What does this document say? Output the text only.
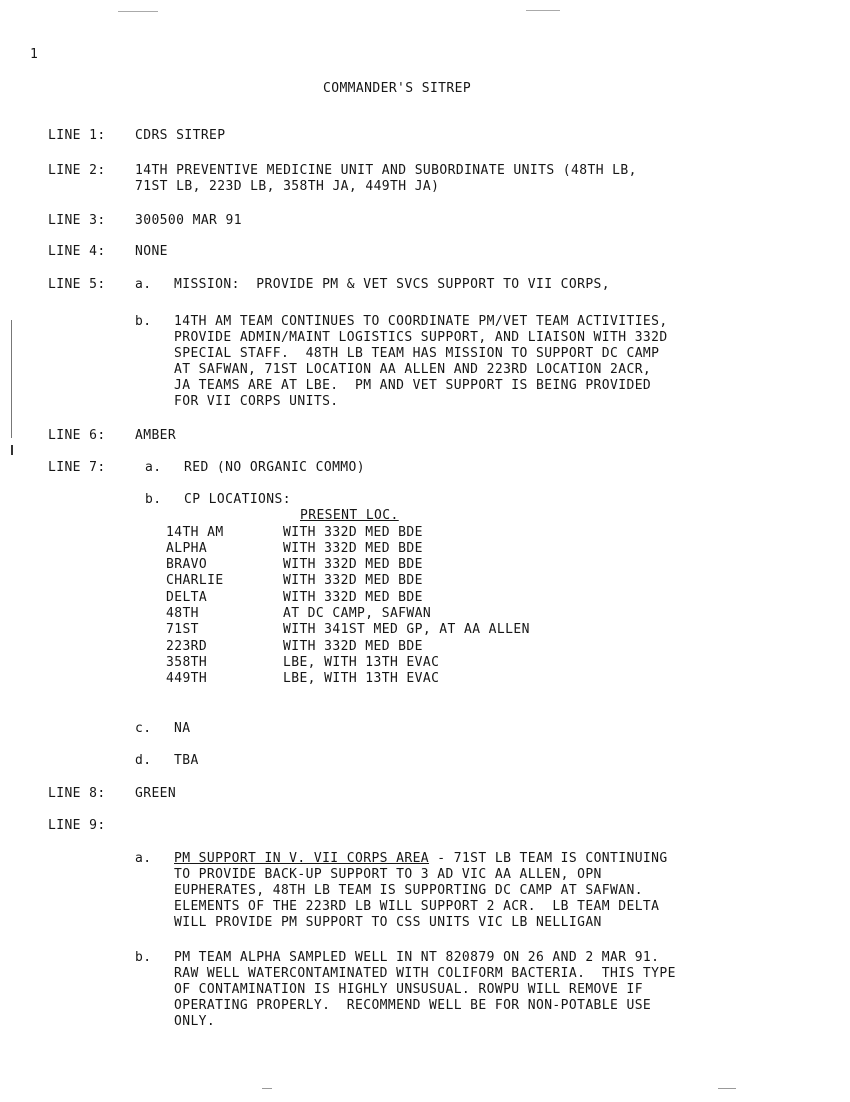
1
COMMANDER'S SITREP
LINE 1: CDRS SITREP
LINE 2: 14TH PREVENTIVE MEDICINE UNIT AND SUBORDINATE UNITS (48TH LB,
71ST LB, 223D LB, 358TH JA, 449TH JA)
LINE 3: 300500 MAR 91
LINE 4: NONE
LINE 5: a. MISSION:  PROVIDE PM & VET SVCS SUPPORT TO VII CORPS,
b. 14TH AM TEAM CONTINUES TO COORDINATE PM/VET TEAM ACTIVITIES,
PROVIDE ADMIN/MAINT LOGISTICS SUPPORT, AND LIAISON WITH 332D
SPECIAL STAFF.  48TH LB TEAM HAS MISSION TO SUPPORT DC CAMP
AT SAFWAN, 71ST LOCATION AA ALLEN AND 223RD LOCATION 2ACR,
JA TEAMS ARE AT LBE.  PM AND VET SUPPORT IS BEING PROVIDED
FOR VII CORPS UNITS.
LINE 6: AMBER
LINE 7:	a. RED (NO ORGANIC COMMO)
b. CP LOCATIONS:
PRESENT LOC.
14TH AM	WITH 332D MED BDE
ALPHA	WITH 332D MED BDE
BRAVO	WITH 332D MED BDE
CHARLIE	WITH 332D MED BDE
DELTA	WITH 332D MED BDE
48TH	AT DC CAMP, SAFWAN
71ST	WITH 341ST MED GP, AT AA ALLEN
223RD	WITH 332D MED BDE
358TH	LBE, WITH 13TH EVAC
449TH	LBE, WITH 13TH EVAC
c. NA
d. TBA
LINE 8: GREEN
LINE 9:
a. PM SUPPORT IN V. VII CORPS AREA - 71ST LB TEAM IS CONTINUING
TO PROVIDE BACK-UP SUPPORT TO 3 AD VIC AA ALLEN, OPN
EUPHERATES, 48TH LB TEAM IS SUPPORTING DC CAMP AT SAFWAN.
ELEMENTS OF THE 223RD LB WILL SUPPORT 2 ACR.  LB TEAM DELTA
WILL PROVIDE PM SUPPORT TO CSS UNITS VIC LB NELLIGAN
b. PM TEAM ALPHA SAMPLED WELL IN NT 820879 ON 26 AND 2 MAR 91.
RAW WELL WATERCONTAMINATED WITH COLIFORM BACTERIA.  THIS TYPE
OF CONTAMINATION IS HIGHLY UNSUSUAL. ROWPU WILL REMOVE IF
OPERATING PROPERLY.  RECOMMEND WELL BE FOR NON-POTABLE USE
ONLY.
